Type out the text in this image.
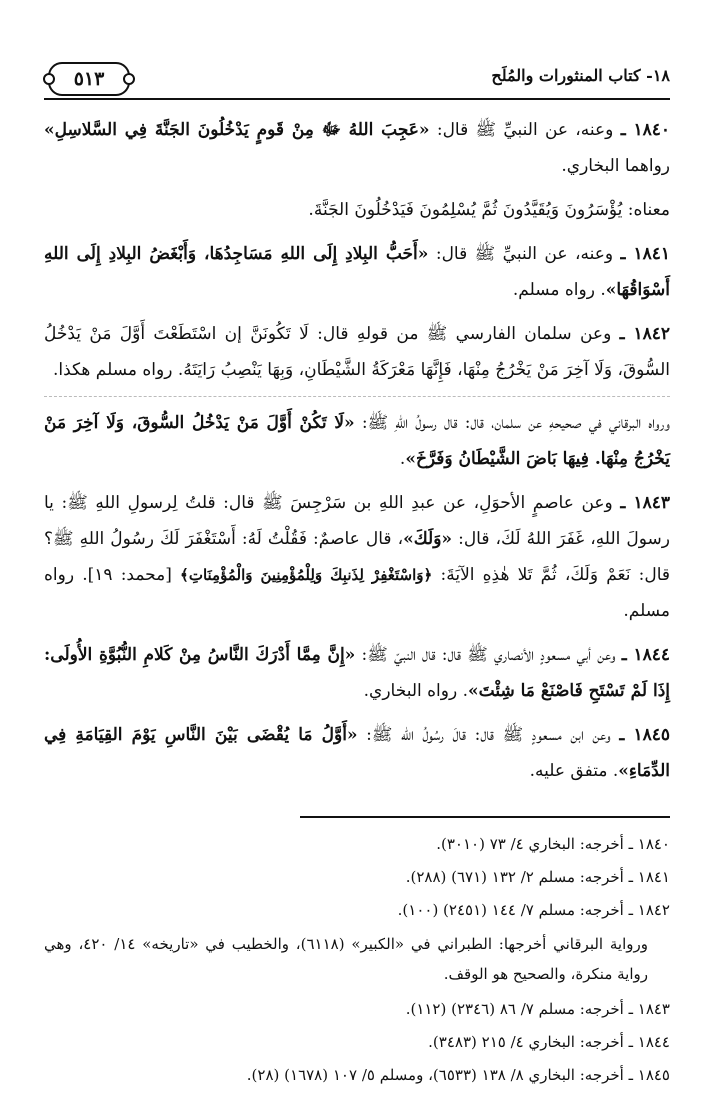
٥١٣	١٨- كتاب المنثورات والمُلَح

١٨٤٠ ـ وعنه، عن النبيِّ ﷺ قال: «عَجِبَ اللهُ ﷻ مِنْ قَومٍ يَدْخُلُونَ الجَنَّةَ فِي السَّلاسِلِ» رواهما البخاري.

معناه: يُؤْسَرُونَ وَيُقَيَّدُونَ ثُمَّ يُسْلِمُونَ فَيَدْخُلُونَ الجَنَّةَ.

١٨٤١ ـ وعنه، عن النبيِّ ﷺ قال: «أَحَبُّ البِلادِ إِلَى اللهِ مَسَاجِدُهَا، وَأَبْغَضُ البِلادِ إِلَى اللهِ أَسْوَاقُهَا». رواه مسلم.

١٨٤٢ ـ وعن سلمان الفارسي ﷺ من قولهِ قال: لَا تَكُونَنَّ إن اسْتَطَعْتَ أَوَّلَ مَنْ يَدْخُلُ السُّوقَ، وَلَا آخِرَ مَنْ يَخْرُجُ مِنْهَا، فَإِنَّهَا مَعْرَكَةُ الشَّيْطَانِ، وَبِهَا يَنْصِبُ رَايَتَهُ. رواه مسلم هكذا.

ورواه البرقاني في صحيحهِ عن سلمان، قال: قال رسولُ اللهِ ﷺ: «لَا تَكُنْ أَوَّلَ مَنْ يَدْخُلُ السُّوقَ، وَلَا آخِرَ مَنْ يَخْرُجُ مِنْهَا. فِيهَا بَاضَ الشَّيْطَانُ وَفَرَّخَ».

١٨٤٣ ـ وعن عاصمٍ الأحوَلِ، عن عبدِ اللهِ بن سَرْجِسَ ﷺ قال: قلتُ لِرسولِ اللهِ ﷺ: يا رسولَ اللهِ، غَفَرَ اللهُ لَكَ، قال: «وَلَكَ»، قال عاصمٌ: فَقُلْتُ لَهُ: أَسْتَغْفَرَ لَكَ رسُولُ اللهِ ﷺ؟ قال: نَعَمْ وَلَكَ، ثُمَّ تَلا هٰذِهِ الآيَةَ: ﴿وَاسْتَغْفِرْ لِذَنبِكَ وَلِلْمُؤْمِنِينَ وَالْمُؤْمِنَاتِ﴾ [محمد: ١٩]. رواه مسلم.

١٨٤٤ ـ وعن أبي مسعودٍ الأنصاري ﷺ قال: قال النبيّ ﷺ: «إِنَّ مِمَّا أَدْرَكَ النَّاسُ مِنْ كَلامِ النُّبُوَّةِ الأُولَى: إِذَا لَمْ تَسْتَحِ فَاصْنَعْ مَا شِئْتَ». رواه البخاري.

١٨٤٥ ـ وعن ابن مسعودٍ ﷺ قال: قالَ رسُولُ الله ﷺ: «أَوَّلُ مَا يُقْضَى بَيْنَ النَّاسِ يَوْمَ القِيَامَةِ فِي الدِّمَاءِ». متفق عليه.

١٨٤٠ ـ أخرجه: البخاري ٤/ ٧٣ (٣٠١٠).

١٨٤١ ـ أخرجه: مسلم ٢/ ١٣٢ (٦٧١) (٢٨٨).

١٨٤٢ ـ أخرجه: مسلم ٧/ ١٤٤ (٢٤٥١) (١٠٠).

ورواية البرقاني أخرجها: الطبراني في «الكبير» (٦١١٨)، والخطيب في «تاريخه» ١٤/ ٤٢٠، وهي رواية منكرة، والصحيح هو الوقف.

١٨٤٣ ـ أخرجه: مسلم ٧/ ٨٦ (٢٣٤٦) (١١٢).

١٨٤٤ ـ أخرجه: البخاري ٤/ ٢١٥ (٣٤٨٣).

١٨٤٥ ـ أخرجه: البخاري ٨/ ١٣٨ (٦٥٣٣)، ومسلم ٥/ ١٠٧ (١٦٧٨) (٢٨).
